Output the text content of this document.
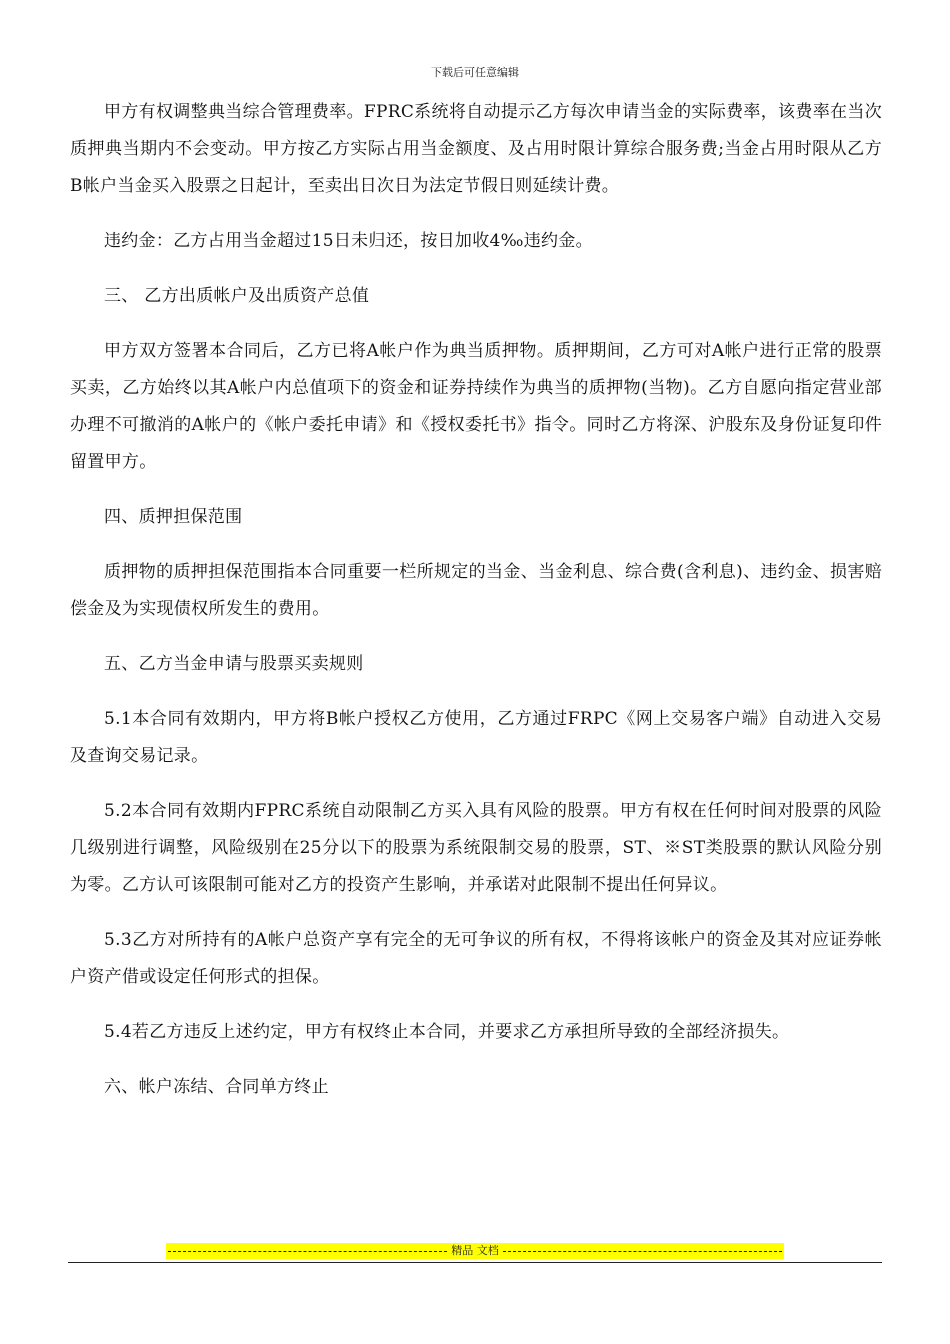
下载后可任意编辑

甲方有权调整典当综合管理费率。FPRC系统将自动提示乙方每次申请当金的实际费率，该费率在当次质押典当期内不会变动。甲方按乙方实际占用当金额度、及占用时限计算综合服务费;当金占用时限从乙方B帐户当金买入股票之日起计，至卖出日次日为法定节假日则延续计费。

违约金：乙方占用当金超过15日未归还，按日加收4‰违约金。

三、 乙方出质帐户及出质资产总值

甲方双方签署本合同后，乙方已将A帐户作为典当质押物。质押期间，乙方可对A帐户进行正常的股票买卖，乙方始终以其A帐户内总值项下的资金和证券持续作为典当的质押物(当物)。乙方自愿向指定营业部办理不可撤消的A帐户的《帐户委托申请》和《授权委托书》指令。同时乙方将深、沪股东及身份证复印件留置甲方。

四、质押担保范围

质押物的质押担保范围指本合同重要一栏所规定的当金、当金利息、综合费(含利息)、违约金、损害赔偿金及为实现债权所发生的费用。

五、乙方当金申请与股票买卖规则

5.1本合同有效期内，甲方将B帐户授权乙方使用，乙方通过FRPC《网上交易客户端》自动进入交易及查询交易记录。

5.2本合同有效期内FPRC系统自动限制乙方买入具有风险的股票。甲方有权在任何时间对股票的风险几级别进行调整，风险级别在25分以下的股票为系统限制交易的股票，ST、※ST类股票的默认风险分别为零。乙方认可该限制可能对乙方的投资产生影响，并承诺对此限制不提出任何异议。

5.3乙方对所持有的A帐户总资产享有完全的无可争议的所有权，不得将该帐户的资金及其对应证券帐户资产借或设定任何形式的担保。

5.4若乙方违反上述约定，甲方有权终止本合同，并要求乙方承担所导致的全部经济损失。

六、帐户冻结、合同单方终止

精品 文档
